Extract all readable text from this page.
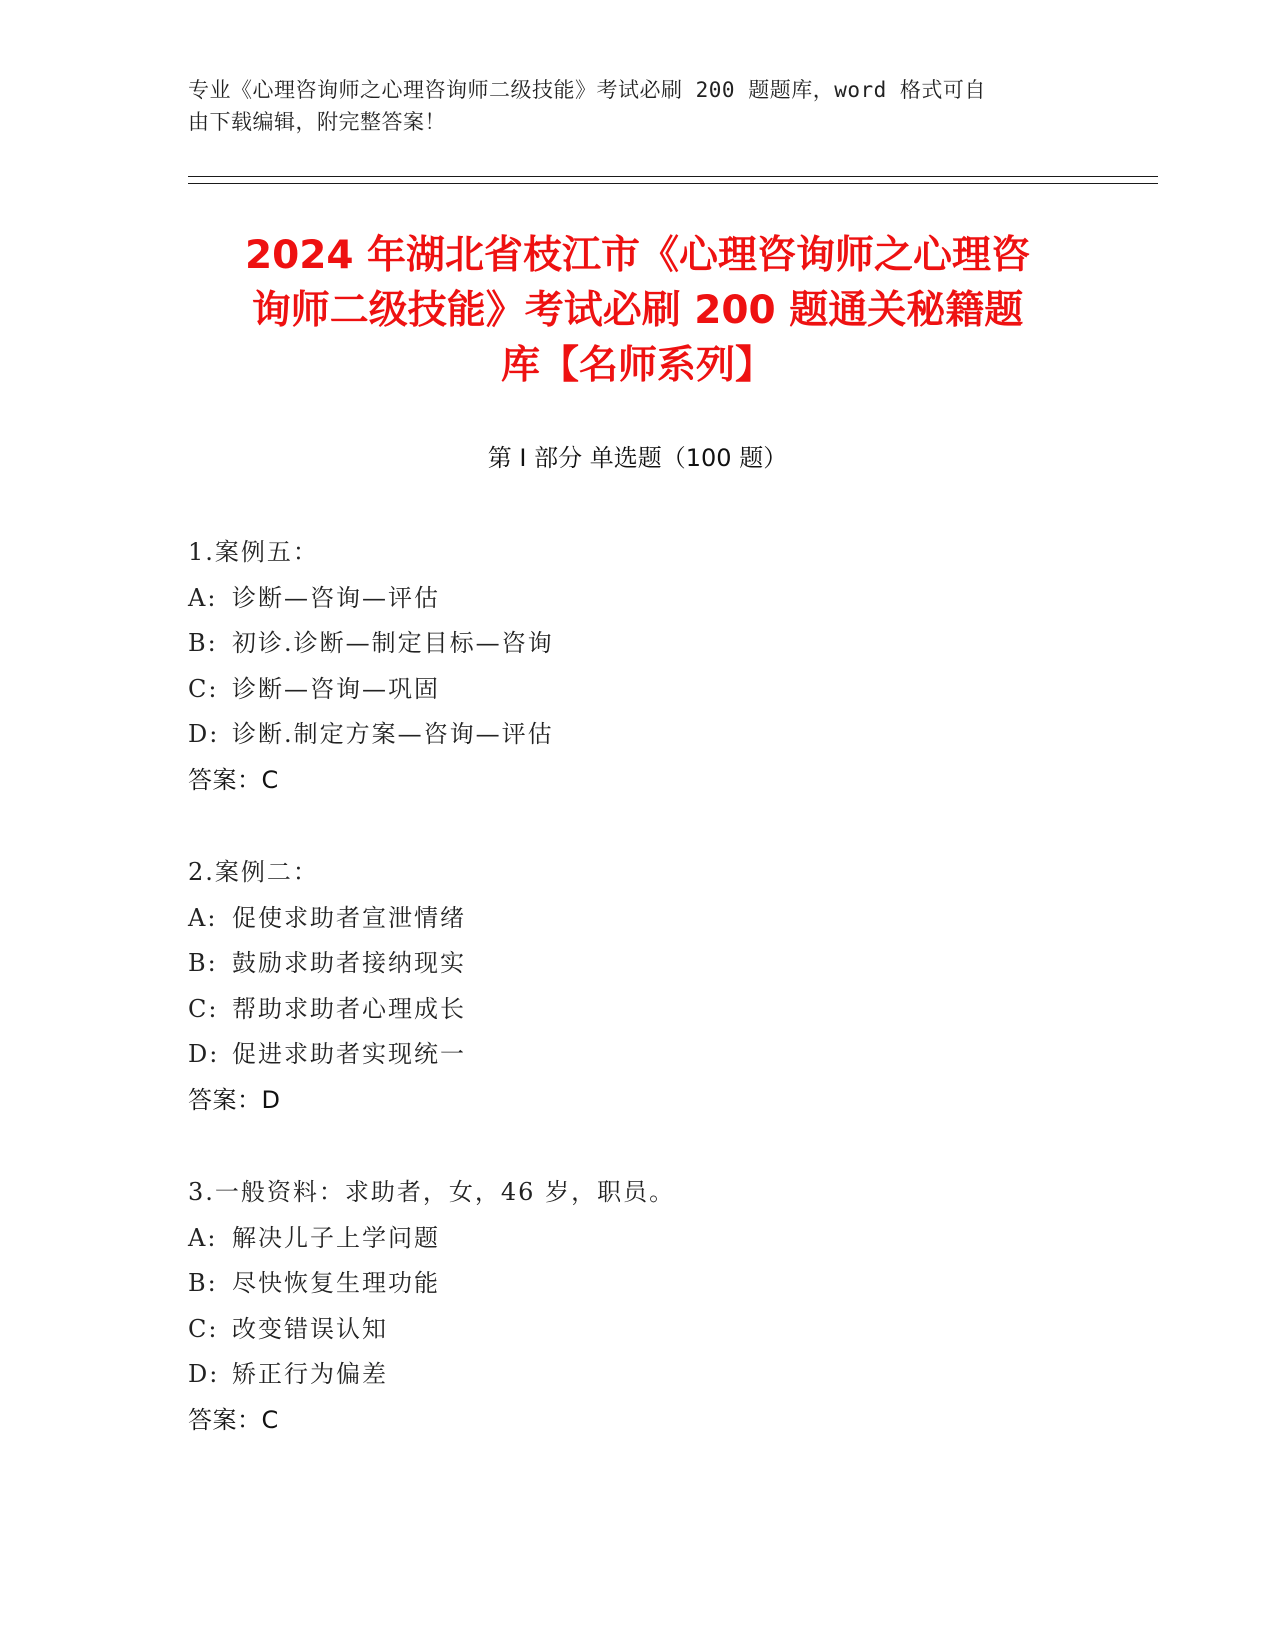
专业《心理咨询师之心理咨询师二级技能》考试必刷 200 题题库，word 格式可自
由下载编辑，附完整答案！
2024 年湖北省枝江市《心理咨询师之心理咨
询师二级技能》考试必刷 200 题通关秘籍题
库【名师系列】
第 I 部分 单选题（100 题）
1.案例五：
A: 诊断—咨询—评估
B: 初诊.诊断—制定目标—咨询
C: 诊断—咨询—巩固
D: 诊断.制定方案—咨询—评估
答案：C
2.案例二：
A: 促使求助者宣泄情绪
B: 鼓励求助者接纳现实
C: 帮助求助者心理成长
D: 促进求助者实现统一
答案：D
3.一般资料：求助者，女，46 岁，职员。
A: 解决儿子上学问题
B: 尽快恢复生理功能
C: 改变错误认知
D: 矫正行为偏差
答案：C
